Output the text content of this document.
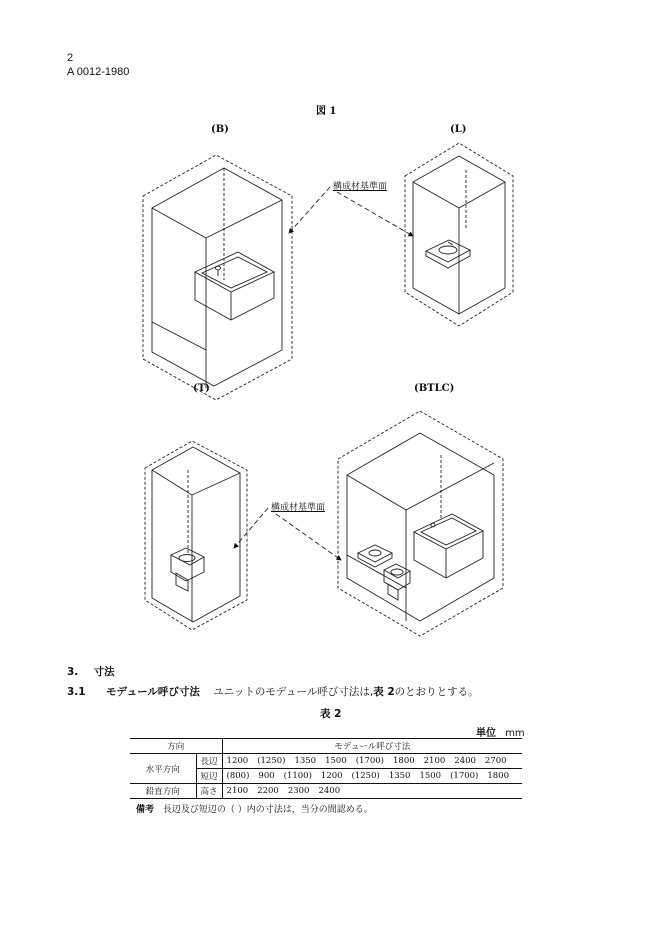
2
A 0012-1980
図 1
(B)	(L)
(T)	(BTLC)
構成材基準面
構成材基準面
3. 寸法
3.1 モデュール呼び寸法 ユニットのモデュール呼び寸法は,表 2のとおりとする。
表 2
単位 mm
方向		モデュール呼び寸法
水平方向	長辺	1200 (1250) 1350 1500 (1700) 1800 2100 2400 2700
	短辺	(800) 900 (1100) 1200 (1250) 1350 1500 (1700) 1800
鉛直方向	高さ	2100 2200 2300 2400
備考 長辺及び短辺の（ ）内の寸法は，当分の間認める。
